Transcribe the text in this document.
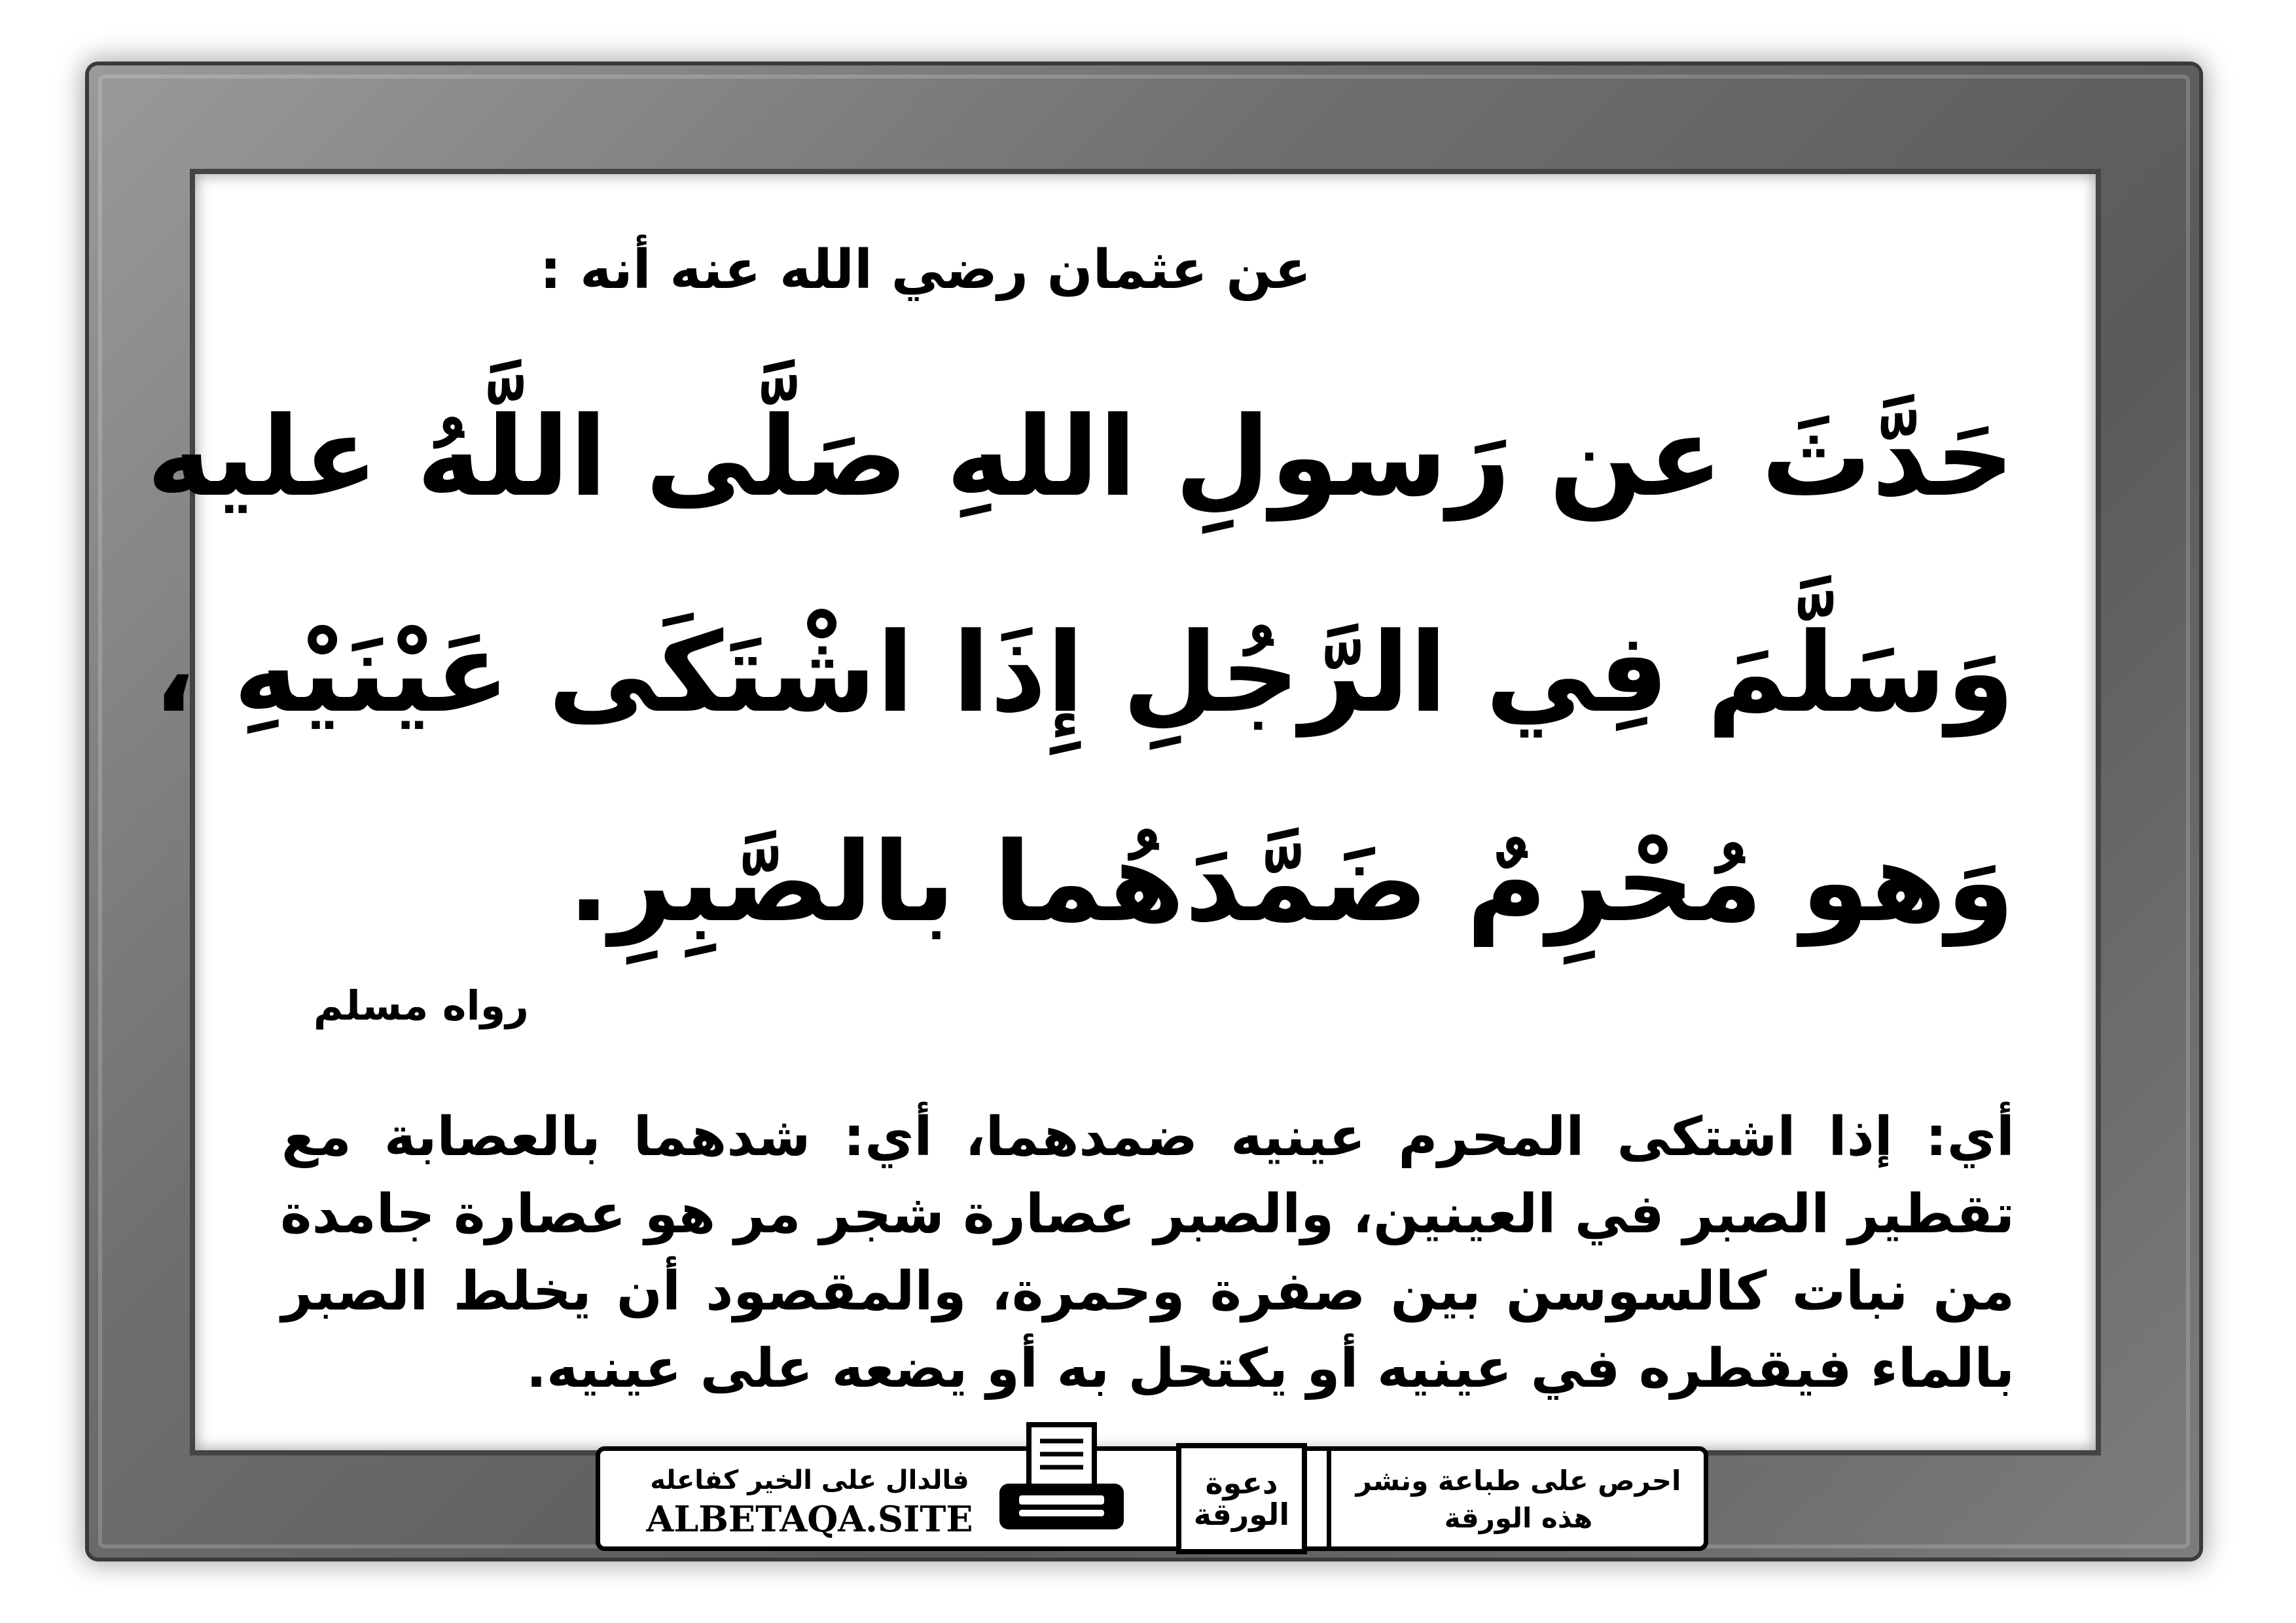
عن عثمان رضي الله عنه أنه :
حَدَّثَ عن رَسولِ اللهِ صَلَّى اللَّهُ عليه
وَسَلَّمَ فِي الرَّجُلِ إِذَا اشْتَكَى عَيْنَيْهِ ،
وَهو مُحْرِمٌ ضَمَّدَهُما بالصَّبِرِ.
رواه مسلم
أي: إذا اشتكى المحرم عينيه ضمدهما، أي: شدهما بالعصابة مع
تقطير الصبر في العينين، والصبر عصارة شجر مر هو عصارة جامدة
من نبات كالسوسن بين صفرة وحمرة، والمقصود أن يخلط الصبر
بالماء فيقطره في عينيه أو يكتحل به أو يضعه على عينيه.
فالدال على الخير كفاعله
ALBETAQA.SITE
دعوة الورقة
احرص على طباعة ونشر هذه الورقة
